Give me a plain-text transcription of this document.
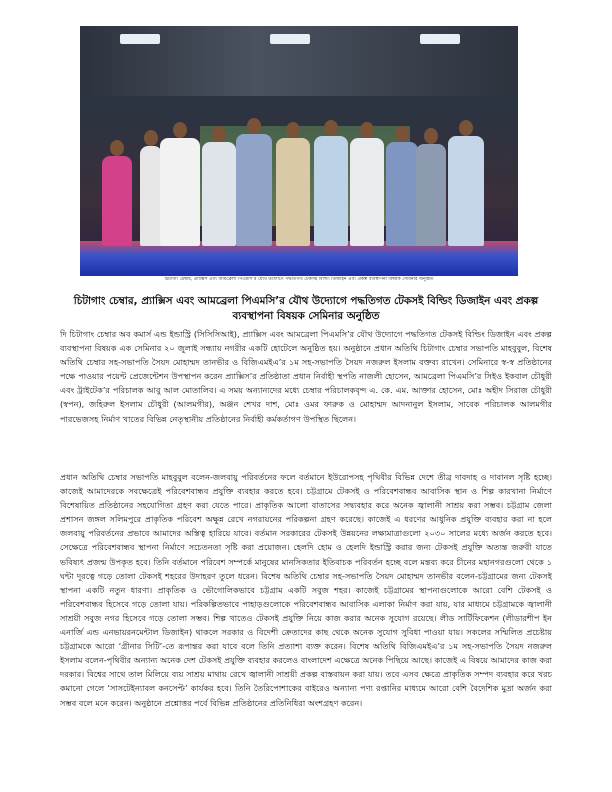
চিটাগাং চেম্বার, প্র্যাক্সিস এবং আমব্রেলা পিএমসি’র যৌথ উদ্যোগে পদ্ধতিগত টেকসই বিল্ডিং ডিজাইন এবং প্রকল্প ব্যবস্থাপনা বিষয়ক সেমিনার অনুষ্ঠিত
চিটাগাং চেম্বার, প্র্যাক্সিস এবং আমব্রেলা পিএমসি’র যৌথ উদ্যোগে পদ্ধতিগত টেকসই বিল্ডিং ডিজাইন এবং প্রকল্প ব্যবস্থাপনা বিষয়ক সেমিনার অনুষ্ঠিত
দি চিটাগাং চেম্বার অব কমার্স এন্ড ইন্ডাস্ট্রি (সিসিসিআই), প্র্যাক্সিস এবং আমব্রেলা পিএমসি’র যৌথ উদ্যোগে পদ্ধতিগত টেকসই বিল্ডিং ডিজাইন এবং প্রকল্প ব্যবস্থাপনা বিষয়ক এক সেমিনার ২০ জুলাই সন্ধ্যায় নগরীর একটি হোটেলে অনুষ্ঠিত হয়। অনুষ্ঠানে প্রধান অতিথি চিটাগাং চেম্বার সভাপতি মাহবুবুল, বিশেষ অতিথি চেম্বার সহ-সভাপতি সৈয়দ মোহাম্মদ তানভীর ও বিজিএমইএ’র ১ম সহ-সভাপতি সৈয়দ নজরুল ইসলাম বক্তব্য রাখেন। সেমিনারে স্ব-স্ব প্রতিষ্ঠানের পক্ষে পাওয়ার পয়েন্ট প্রেজেন্টেশন উপস্থাপন করেন প্র্যাক্সিস’র প্রতিষ্ঠাতা প্রধান নির্বাহী স্থপতি নাজলী হোসেন, আমব্রেলা পিএমসি’র সিইও ইকবাল চৌধুরী এবং ট্রাইটেক’র পরিচালক আবু আল মোতালিব। এ সময় অন্যান্যদের মধ্যে চেম্বার পরিচালকবৃন্দ এ. কে. এম. আক্তার হোসেন, মোঃ অহীদ সিরাজ চৌধুরী (স্বপন), জহিরুল ইসলাম চৌধুরী (আলমগীর), অঞ্জন শেখর দাশ, মোঃ ওমর ফারুক ও মোহাম্মদ আদনানুল ইসলাম, সাবেক পরিচালক আলমগীর পারভেজসহ নির্মাণ খাতের বিভিন্ন নেতৃস্থানীয় প্রতিষ্ঠানের নির্বাহী কর্মকর্তাগণ উপস্থিত ছিলেন।
প্রধান অতিথি চেম্বার সভাপতি মাহবুবুল বলেন-জলবায়ু পরিবর্তনের ফলে বর্তমানে ইউরোপসহ পৃথিবীর বিভিন্ন দেশে তীব্র দাবদাহ ও দাবানল সৃষ্টি হচ্ছে। কাজেই আমাদেরকে সবক্ষেত্রেই পরিবেশবান্ধব প্রযুক্তি ব্যবহার করতে হবে। চট্টগ্রামে টেকসই ও পরিবেশবান্ধব আবাসিক স্থান ও শিল্প কারখানা নির্মাণে বিশেষায়িত প্রতিষ্ঠানের সহযোগিতা গ্রহণ করা যেতে পারে। প্রাকৃতিক আলো বাতাসের সদ্ব্যবহার করে অনেক জ্বালানী সাশ্রয় করা সম্ভব। চট্টগ্রাম জেলা প্রশাসন জঙ্গল সলিমপুরে প্রাকৃতিক পরিবেশ অক্ষুন্ন রেখে নগরায়নের পরিকল্পনা গ্রহণ করেছে। কাজেই এ ধরণের আধুনিক প্রযুক্তি ব্যবহার করা না হলে জলবায়ু পরিবর্তনের প্রভাবে আমাদের অস্তিত্ব হারিয়ে যাবে। বর্তমান সরকারের টেকসই উন্নয়নের লক্ষ্যমাত্রাগুলো ২০৩০ সালের মধ্যে অর্জন করতে হবে। সেক্ষেত্রে পরিবেশবান্ধব স্থাপনা নির্মাণে সচেতনতা সৃষ্টি করা প্রয়োজন। হেলদি হোম ও হেলদি ইন্ডাস্ট্রি করার জন্য টেকসই প্রযুক্তি অত্যন্ত জরুরী যাতে ভবিষ্যৎ প্রজন্ম উপকৃত হবে। তিনি বর্তমানে পরিবেশ সম্পর্কে মানুষের মানসিকতার ইতিবাচক পরিবর্তন হচ্ছে বলে মন্তব্য করে চীনের মহানগরগুলো থেকে ১ ঘন্টা দূরত্বে গড়ে তোলা টেকসই শহরের উদাহরণ তুলে ধরেন। বিশেষ অতিথি চেম্বার সহ-সভাপতি সৈয়দ মোহাম্মদ তানভীর বলেন-চট্টগ্রামের জন্য টেকসই স্থাপনা একটি নতুন ধারণা। প্রাকৃতিক ও ভৌগোলিকভাবে চট্টগ্রাম একটি সবুজ শহর। কাজেই চট্টগ্রামের স্থাপনাগুলোকে আরো বেশি টেকসই ও পরিবেশবান্ধব হিসেবে গড়ে তোলা যায়। পরিকল্পিতভাবে পাহাড়গুলোকে পরিবেশবান্ধব আবাসিক এলাকা নির্মাণ করা যায়, যার মাধ্যমে চট্টগ্রামকে জ্বালানী সাশ্রয়ী সবুজ নগর হিসেবে গড়ে তোলা সম্ভব। শিল্প খাতেও টেকসই প্রযুক্তি নিয়ে কাজ করার অনেক সুযোগ রয়েছে। লীড সার্টিফিকেশন (লীডারশীপ ইন এনার্জি এন্ড এনভায়রনমেন্টাল ডিজাইন) থাকলে সরকার ও বিদেশী ক্রেতাদের কাছ থেকে অনেক সুযোগ সুবিধা পাওয়া যায়। সকলের সম্মিলিত প্রচেষ্টায় চট্টগ্রামকে আরো ‘গ্রীনার সিটি’-তে রূপান্তর করা যাবে বলে তিনি প্রত্যাশা ব্যক্ত করেন। বিশেষ অতিথি বিজিএমইএ’র ১ম সহ-সভাপতি সৈয়দ নজরুল ইসলাম বলেন-পৃথিবীর অন্যান্য অনেক দেশ টেকসই প্রযুক্তি ব্যবহার করলেও বাংলাদেশ এক্ষেত্রে অনেক পিছিয়ে আছে। কাজেই এ বিষয়ে আমাদের কাজ করা দরকার। বিশ্বের সাথে তাল মিলিয়ে ব্যয় সাশ্রয় মাথায় রেখে জ্বালানী সাশ্রয়ী প্রকল্প বাস্তবায়ন করা যায়। তবে এসব ক্ষেত্রে প্রাকৃতিক সম্পদ ব্যবহার করে খরচ কমানো গেলে ‘সাসটেইন্যাবল কনসেপ্ট’ কার্যকর হবে। তিনি তৈরিপোশাকের বাইরেও অন্যান্য পণ্য রপ্তানির মাধ্যমে আরো বেশি বৈদেশিক মুদ্রা অর্জন করা সম্ভব বলে মনে করেন। অনুষ্ঠানে প্রশ্নোত্তর পর্বে বিভিন্ন প্রতিষ্ঠানের প্রতিনিধিরা অংশগ্রহণ করেন।
